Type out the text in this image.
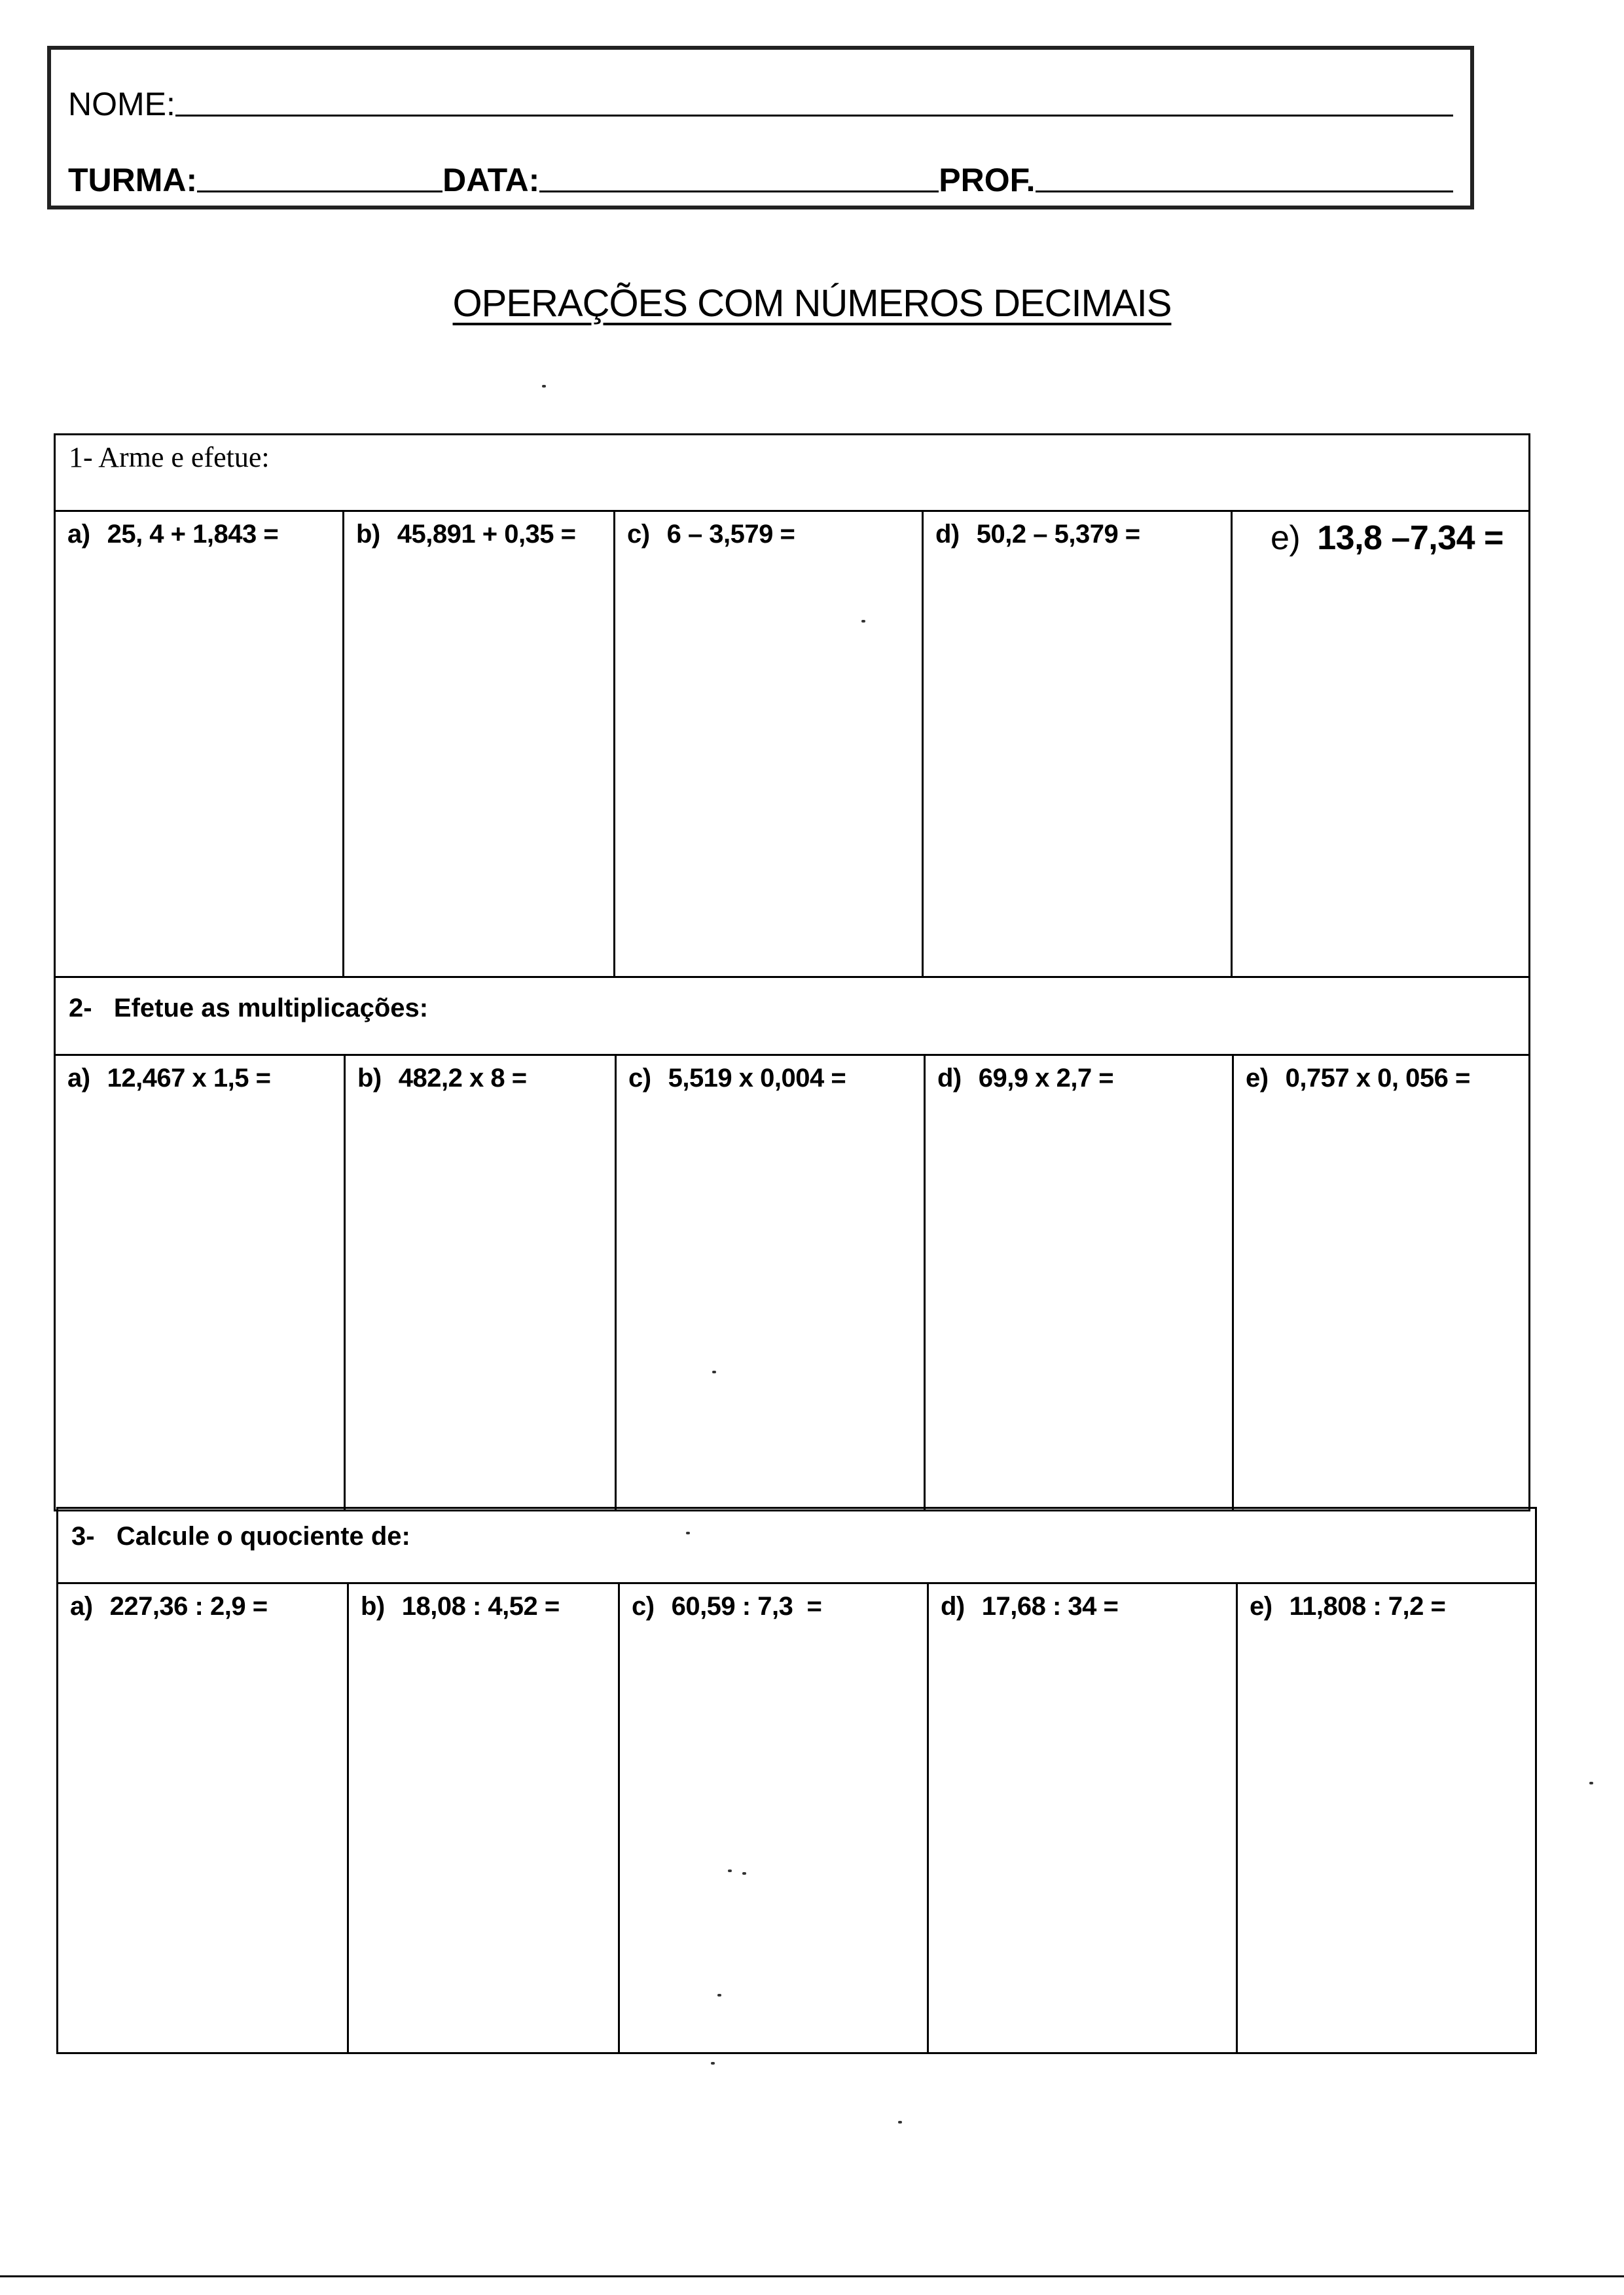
NOME:
TURMA:	DATA:	PROF.
OPERAÇÕES COM NÚMEROS DECIMAIS
1- Arme e efetue:
a) 25, 4 + 1,843 =	b) 45,891 + 0,35 = c) 6 – 3,579 =	d) 50,2 – 5,379 =	e) 13,8 –7,34 =
2-   Efetue as multiplicações:
a) 12,467 x 1,5 =	b) 482,2 x 8 =	c) 5,519 x 0,004 =	d) 69,9 x 2,7 =	e) 0,757 x 0, 056 =
3-   Calcule o quociente de:
a) 227,36 : 2,9 =	b) 18,08 : 4,52 =	c) 60,59 : 7,3  =	d) 17,68 : 34 =	e) 11,808 : 7,2 =
